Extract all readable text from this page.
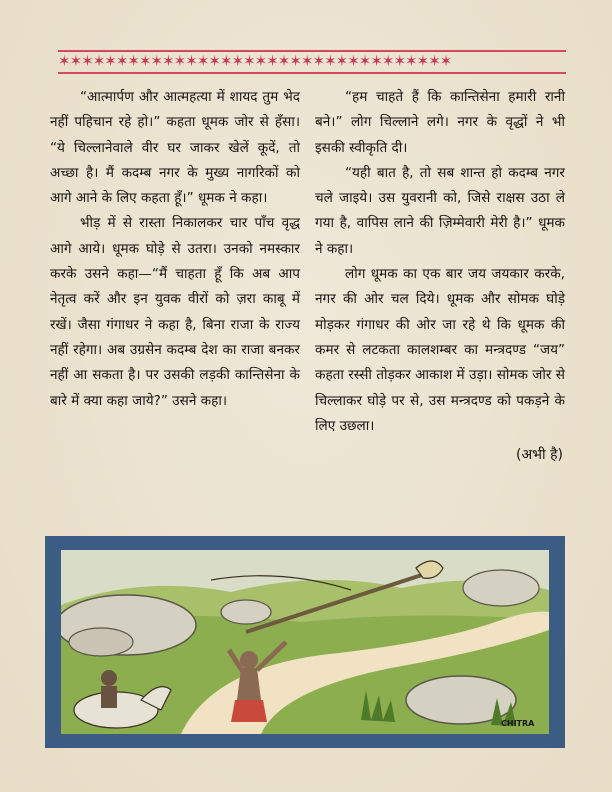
✶✶✶✶✶✶✶✶✶✶✶✶✶✶✶✶✶✶✶✶✶✶✶✶✶✶✶✶✶✶✶✶✶✶

“आत्मार्पण और आत्महत्या में शायद तुम भेद नहीं पहिचान रहे हो।” कहता धूमक जोर से हँसा। “ये चिल्लानेवाले वीर घर जाकर खेलें कूदें, तो अच्छा है। मैं कदम्ब नगर के मुख्य नागरिकों को आगे आने के लिए कहता हूँ।” धूमक ने कहा।

भीड़ में से रास्ता निकालकर चार पाँच वृद्ध आगे आये। धूमक घोड़े से उतरा। उनको नमस्कार करके उसने कहा—“मैं चाहता हूँ कि अब आप नेतृत्व करें और इन युवक वीरों को ज़रा काबू में रखें। जैसा गंगाधर ने कहा है, बिना राजा के राज्य नहीं रहेगा। अब उग्रसेन कदम्ब देश का राजा बनकर नहीं आ सकता है। पर उसकी लड़की कान्तिसेना के बारे में क्या कहा जाये?” उसने कहा।

“हम चाहते हैं कि कान्तिसेना हमारी रानी बने।” लोग चिल्लाने लगे। नगर के वृद्धों ने भी इसकी स्वीकृति दी।

“यही बात है, तो सब शान्त हो कदम्ब नगर चले जाइये। उस युवरानी को, जिसे राक्षस उठा ले गया है, वापिस लाने की ज़िम्मेवारी मेरी है।” धूमक ने कहा।

लोग धूमक का एक बार जय जयकार करके, नगर की ओर चल दिये। धूमक और सोमक घोड़े मोड़कर गंगाधर की ओर जा रहे थे कि धूमक की कमर से लटकता कालशम्बर का मन्त्रदण्ड “जय” कहता रस्सी तोड़कर आकाश में उड़ा। सोमक जोर से चिल्लाकर घोड़े पर से, उस मन्त्रदण्ड को पकड़ने के लिए उछला।

(अभी है)
CHITRA
